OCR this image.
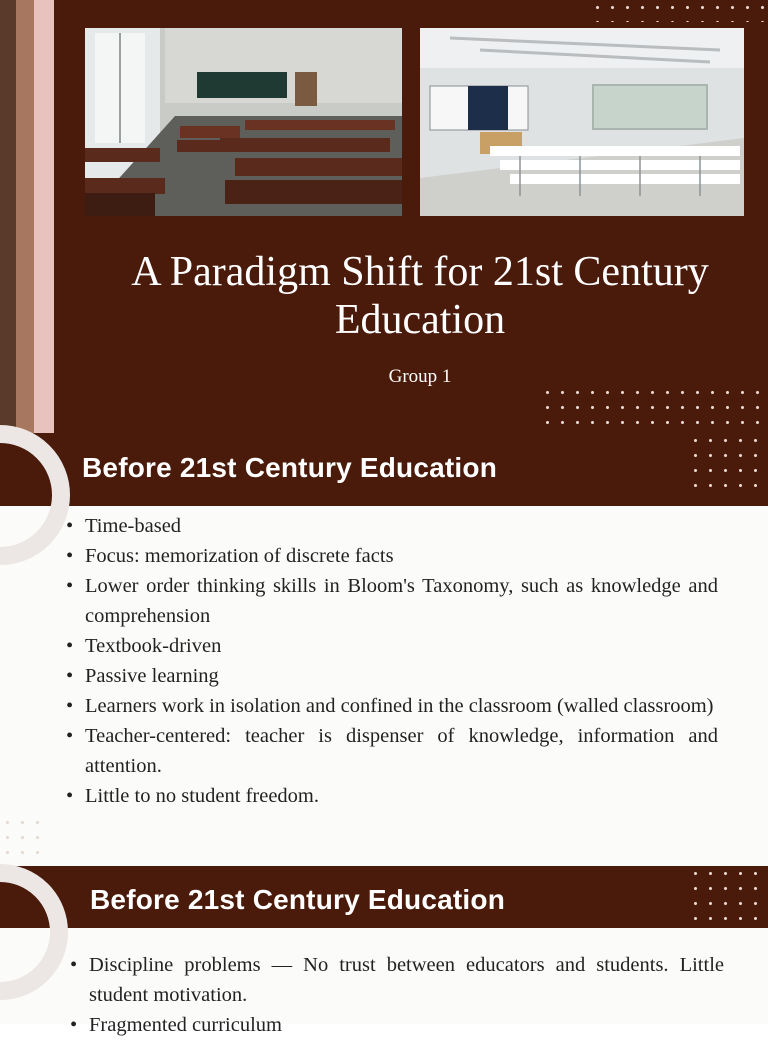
A Paradigm Shift for 21st Century Education
Group 1
Before 21st Century Education
• Time-based
• Focus: memorization of discrete facts
• Lower order thinking skills in Bloom's Taxonomy, such as knowledge and comprehension
• Textbook-driven
• Passive learning
• Learners work in isolation and confined in the classroom (walled classroom)
• Teacher-centered: teacher is dispenser of knowledge, information and attention.
• Little to no student freedom.
Before 21st Century Education
• Discipline problems — No trust between educators and students. Little student motivation.
• Fragmented curriculum
